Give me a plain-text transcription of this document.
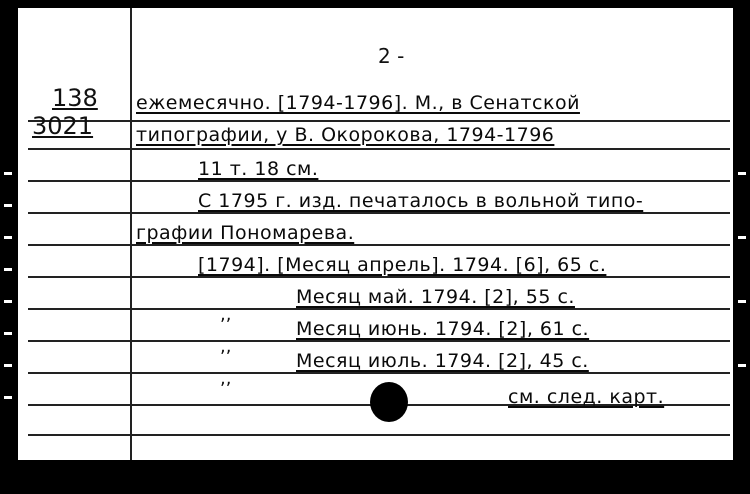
2 -
138
3021
ежемесячно. [1794-1796]. М., в Сенатской
типографии, у В. Окорокова, 1794-1796
11 т. 18 см.
С 1795 г. изд. печаталось в вольной типо-
графии Пономарева.
[1794]. [Месяц апрель]. 1794. [6], 65 с.
Месяц май. 1794. [2], 55 с.
Месяц июнь. 1794. [2], 61 с.
Месяц июль. 1794. [2], 45 с.
см. след. карт.
,,
,,
,,
